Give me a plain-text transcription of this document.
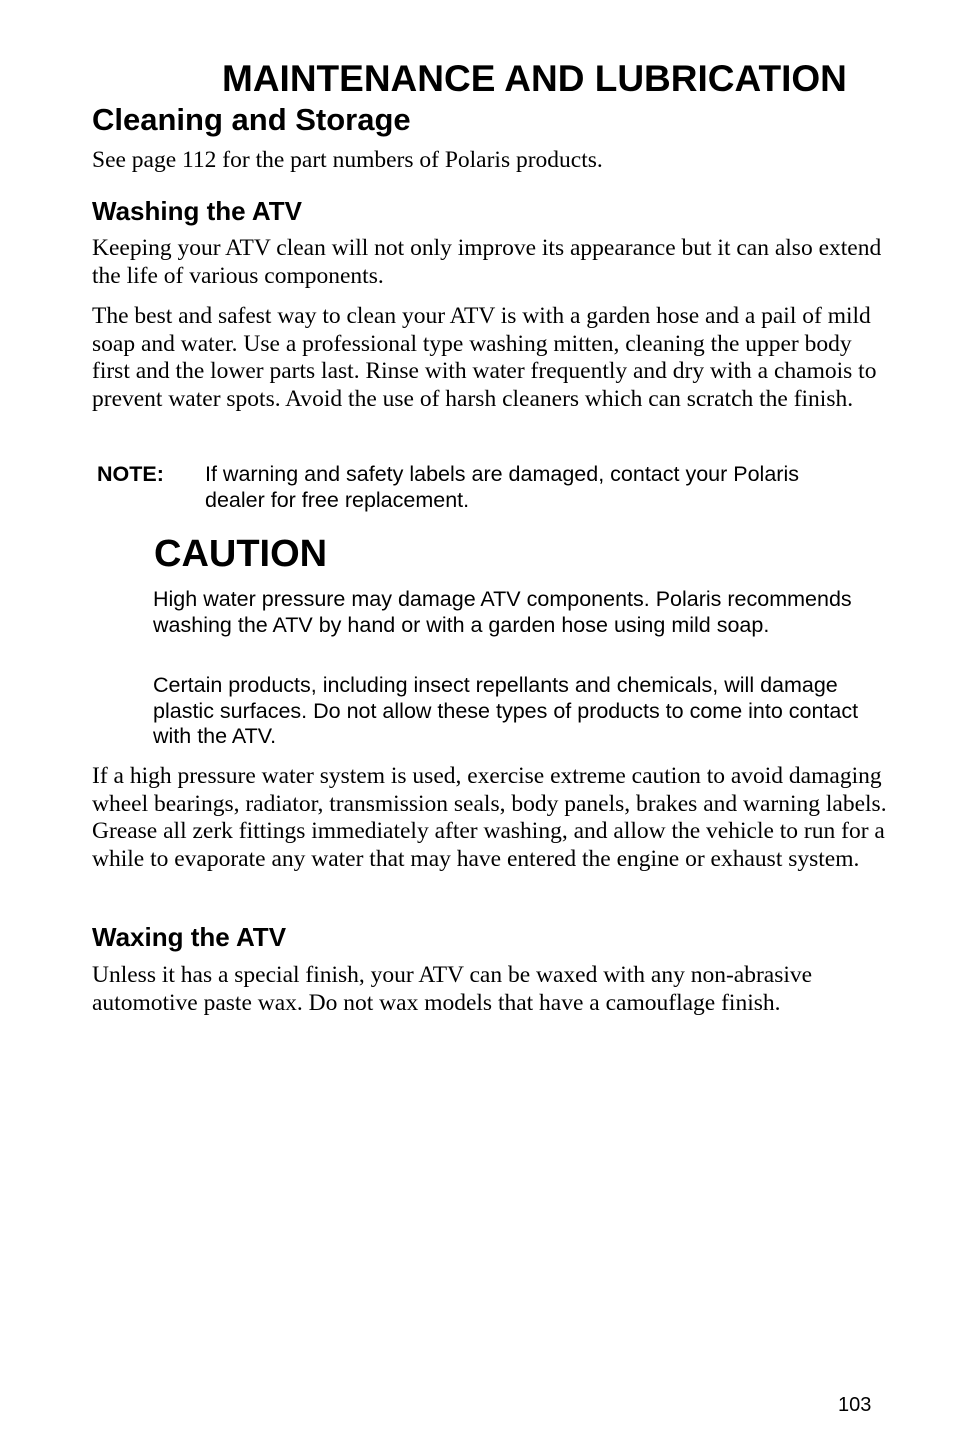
MAINTENANCE AND LUBRICATION
Cleaning and Storage
See page 112 for the part numbers of Polaris products.
Washing the ATV

Keeping your ATV clean will not only improve its appearance but it can also extend the life of various components.

The best and safest way to clean your ATV is with a garden hose and a pail of mild soap and water. Use a professional type washing mitten, cleaning the upper body first and the lower parts last. Rinse with water frequently and dry with a chamois to prevent water spots. Avoid the use of harsh cleaners which can scratch the finish.

NOTE: If warning and safety labels are damaged, contact your Polaris dealer for free replacement.
CAUTION

High water pressure may damage ATV components. Polaris recommends washing the ATV by hand or with a garden hose using mild soap.

Certain products, including insect repellants and chemicals, will damage plastic surfaces. Do not allow these types of products to come into contact with the ATV.

If a high pressure water system is used, exercise extreme caution to avoid damaging wheel bearings, radiator, transmission seals, body panels, brakes and warning labels. Grease all zerk fittings immediately after washing, and allow the vehicle to run for a while to evaporate any water that may have entered the engine or exhaust system.

Waxing the ATV

Unless it has a special finish, your ATV can be waxed with any non-abrasive automotive paste wax. Do not wax models that have a camouflage finish.

103
